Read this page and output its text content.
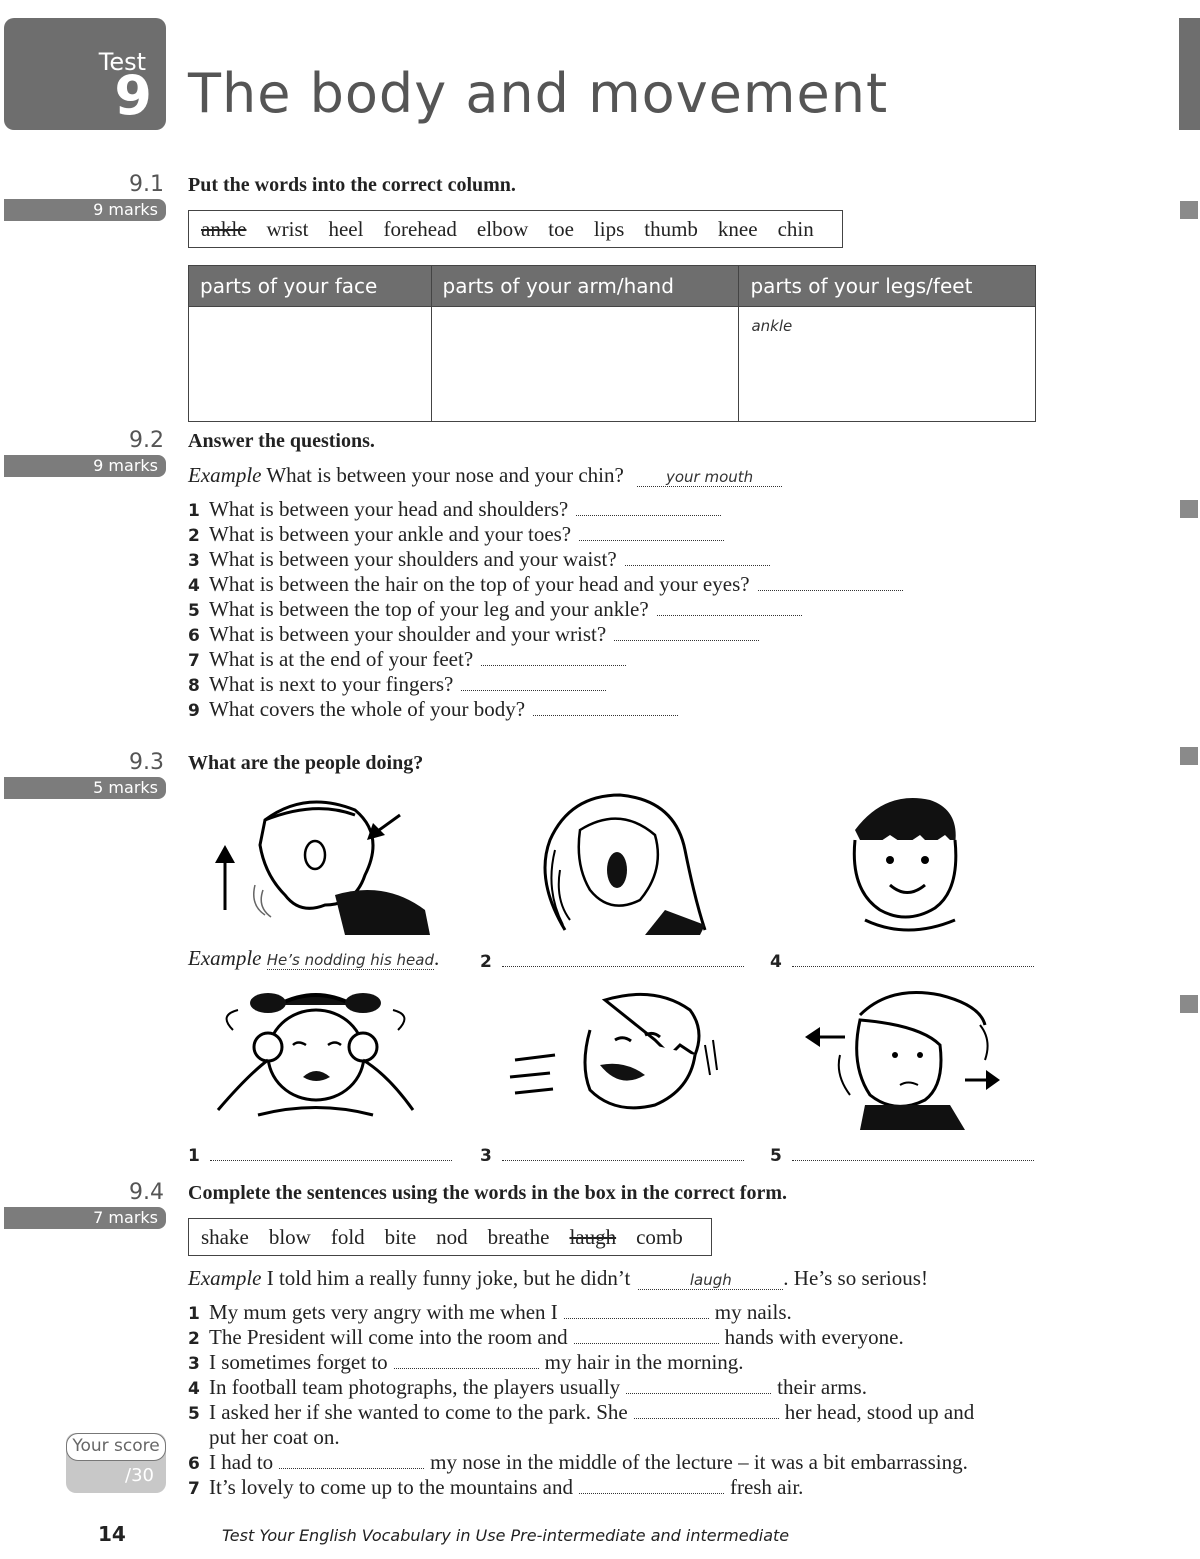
Test
9 The body and movement
9.1
9 marks
Put the words into the correct column.
ankle wrist heel forehead elbow toe lips thumb knee chin
parts of your face	parts of your arm/hand	parts of your legs/feet
		ankle
9.2
9 marks
Answer the questions.
Example What is between your nose and your chin?	your mouth
1 What is between your head and shoulders?
2 What is between your ankle and your toes?
3 What is between your shoulders and your waist?
4 What is between the hair on the top of your head and your eyes?
5 What is between the top of your leg and your ankle?
6 What is between your shoulder and your wrist?
7 What is at the end of your feet?
8 What is next to your fingers?
9 What covers the whole of your body?
9.3
5 marks
What are the people doing?
Example He’s nodding his head. 2	4
1	3	5
9.4
7 marks
Complete the sentences using the words in the box in the correct form.
shake blow fold bite nod breathe laugh comb
Example I told him a really funny joke, but he didn’t	laugh . He’s so serious!
1 My mum gets very angry with me when I	my nails.
2 The President will come into the room and	hands with everyone.
3 I sometimes forget to	my hair in the morning.
4 In football team photographs, the players usually	their arms.
5 I asked her if she wanted to come to the park. She	her head, stood up and
put her coat on.
6 I had to	my nose in the middle of the lecture – it was a bit embarrassing.
7 It’s lovely to come up to the mountains and	fresh air.
Your score
/30
14	Test Your English Vocabulary in Use Pre-intermediate and intermediate
